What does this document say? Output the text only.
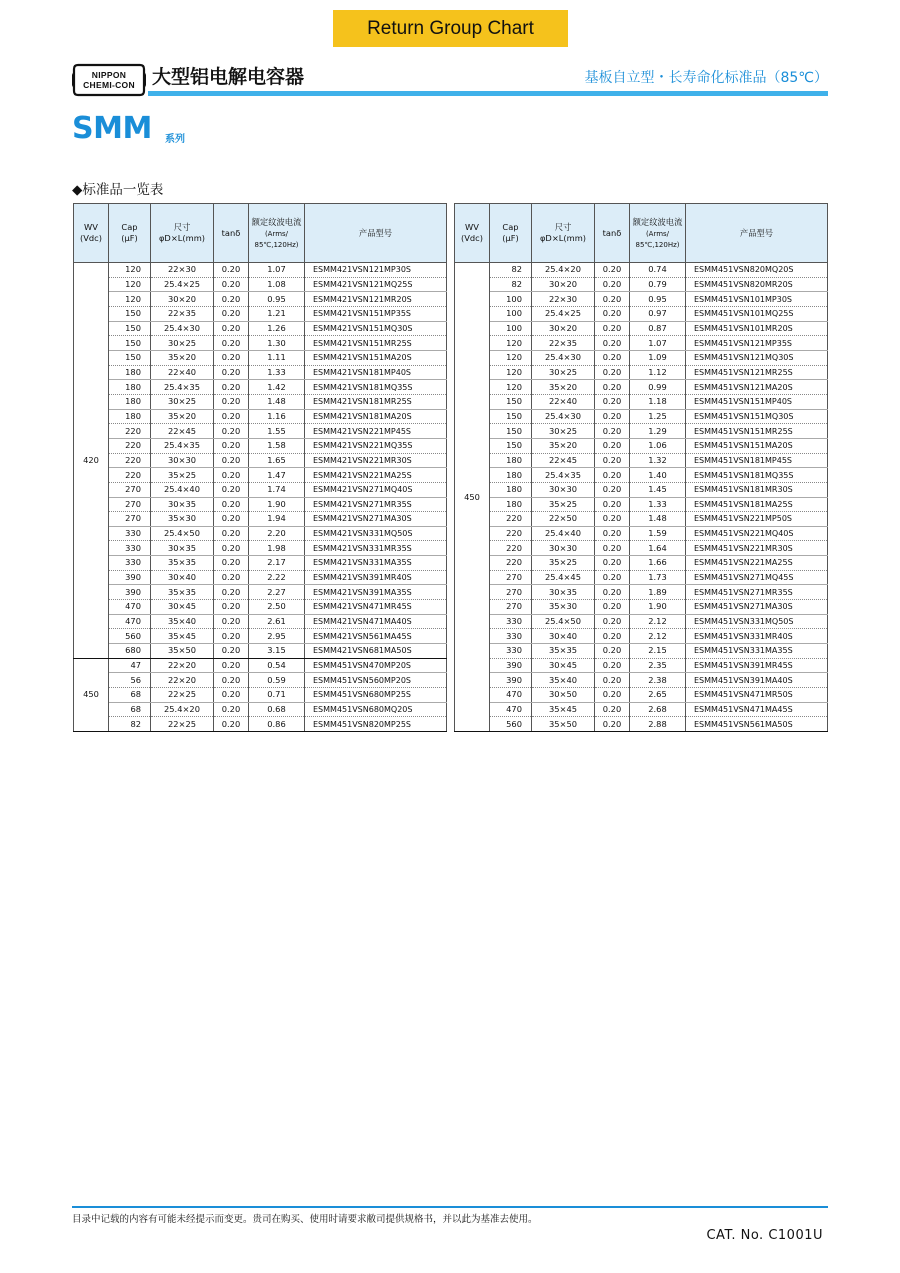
Return Group Chart
NIPPON
CHEMI-CON 大型铝电解电容器	基板自立型・长寿命化标准品（85℃）
SMM 系列
◆标准品一览表
WV
(Vdc)	Cap
(μF)	尺寸
φD×L(mm)	tanδ	额定纹波电流
(Arms/
85℃,120Hz)	产品型号
420	120	22×30	0.20	1.07	ESMM421VSN121MP30S
	120	25.4×25	0.20	1.08	ESMM421VSN121MQ25S
	120	30×20	0.20	0.95	ESMM421VSN121MR20S
	150	22×35	0.20	1.21	ESMM421VSN151MP35S
	150	25.4×30	0.20	1.26	ESMM421VSN151MQ30S
	150	30×25	0.20	1.30	ESMM421VSN151MR25S
	150	35×20	0.20	1.11	ESMM421VSN151MA20S
	180	22×40	0.20	1.33	ESMM421VSN181MP40S
	180	25.4×35	0.20	1.42	ESMM421VSN181MQ35S
	180	30×25	0.20	1.48	ESMM421VSN181MR25S
	180	35×20	0.20	1.16	ESMM421VSN181MA20S
	220	22×45	0.20	1.55	ESMM421VSN221MP45S
	220	25.4×35	0.20	1.58	ESMM421VSN221MQ35S
	220	30×30	0.20	1.65	ESMM421VSN221MR30S
	220	35×25	0.20	1.47	ESMM421VSN221MA25S
	270	25.4×40	0.20	1.74	ESMM421VSN271MQ40S
	270	30×35	0.20	1.90	ESMM421VSN271MR35S
	270	35×30	0.20	1.94	ESMM421VSN271MA30S
	330	25.4×50	0.20	2.20	ESMM421VSN331MQ50S
	330	30×35	0.20	1.98	ESMM421VSN331MR35S
	330	35×35	0.20	2.17	ESMM421VSN331MA35S
	390	30×40	0.20	2.22	ESMM421VSN391MR40S
	390	35×35	0.20	2.27	ESMM421VSN391MA35S
	470	30×45	0.20	2.50	ESMM421VSN471MR45S
	470	35×40	0.20	2.61	ESMM421VSN471MA40S
	560	35×45	0.20	2.95	ESMM421VSN561MA45S
	680	35×50	0.20	3.15	ESMM421VSN681MA50S
450	47	22×20	0.20	0.54	ESMM451VSN470MP20S
	56	22×20	0.20	0.59	ESMM451VSN560MP20S
	68	22×25	0.20	0.71	ESMM451VSN680MP25S
	68	25.4×20	0.20	0.68	ESMM451VSN680MQ20S
	82	22×25	0.20	0.86	ESMM451VSN820MP25S
WV
(Vdc)	Cap
(μF)	尺寸
φD×L(mm)	tanδ	额定纹波电流
(Arms/
85℃,120Hz)	产品型号
450	82	25.4×20	0.20	0.74	ESMM451VSN820MQ20S
	82	30×20	0.20	0.79	ESMM451VSN820MR20S
	100	22×30	0.20	0.95	ESMM451VSN101MP30S
	100	25.4×25	0.20	0.97	ESMM451VSN101MQ25S
	100	30×20	0.20	0.87	ESMM451VSN101MR20S
	120	22×35	0.20	1.07	ESMM451VSN121MP35S
	120	25.4×30	0.20	1.09	ESMM451VSN121MQ30S
	120	30×25	0.20	1.12	ESMM451VSN121MR25S
	120	35×20	0.20	0.99	ESMM451VSN121MA20S
	150	22×40	0.20	1.18	ESMM451VSN151MP40S
	150	25.4×30	0.20	1.25	ESMM451VSN151MQ30S
	150	30×25	0.20	1.29	ESMM451VSN151MR25S
	150	35×20	0.20	1.06	ESMM451VSN151MA20S
	180	22×45	0.20	1.32	ESMM451VSN181MP45S
	180	25.4×35	0.20	1.40	ESMM451VSN181MQ35S
	180	30×30	0.20	1.45	ESMM451VSN181MR30S
	180	35×25	0.20	1.33	ESMM451VSN181MA25S
	220	22×50	0.20	1.48	ESMM451VSN221MP50S
	220	25.4×40	0.20	1.59	ESMM451VSN221MQ40S
	220	30×30	0.20	1.64	ESMM451VSN221MR30S
	220	35×25	0.20	1.66	ESMM451VSN221MA25S
	270	25.4×45	0.20	1.73	ESMM451VSN271MQ45S
	270	30×35	0.20	1.89	ESMM451VSN271MR35S
	270	35×30	0.20	1.90	ESMM451VSN271MA30S
	330	25.4×50	0.20	2.12	ESMM451VSN331MQ50S
	330	30×40	0.20	2.12	ESMM451VSN331MR40S
	330	35×35	0.20	2.15	ESMM451VSN331MA35S
	390	30×45	0.20	2.35	ESMM451VSN391MR45S
	390	35×40	0.20	2.38	ESMM451VSN391MA40S
	470	30×50	0.20	2.65	ESMM451VSN471MR50S
	470	35×45	0.20	2.68	ESMM451VSN471MA45S
	560	35×50	0.20	2.88	ESMM451VSN561MA50S
目录中记载的内容有可能未经提示而变更。贵司在购买、使用时请要求敝司提供规格书，并以此为基准去使用。
CAT. No. C1001U
